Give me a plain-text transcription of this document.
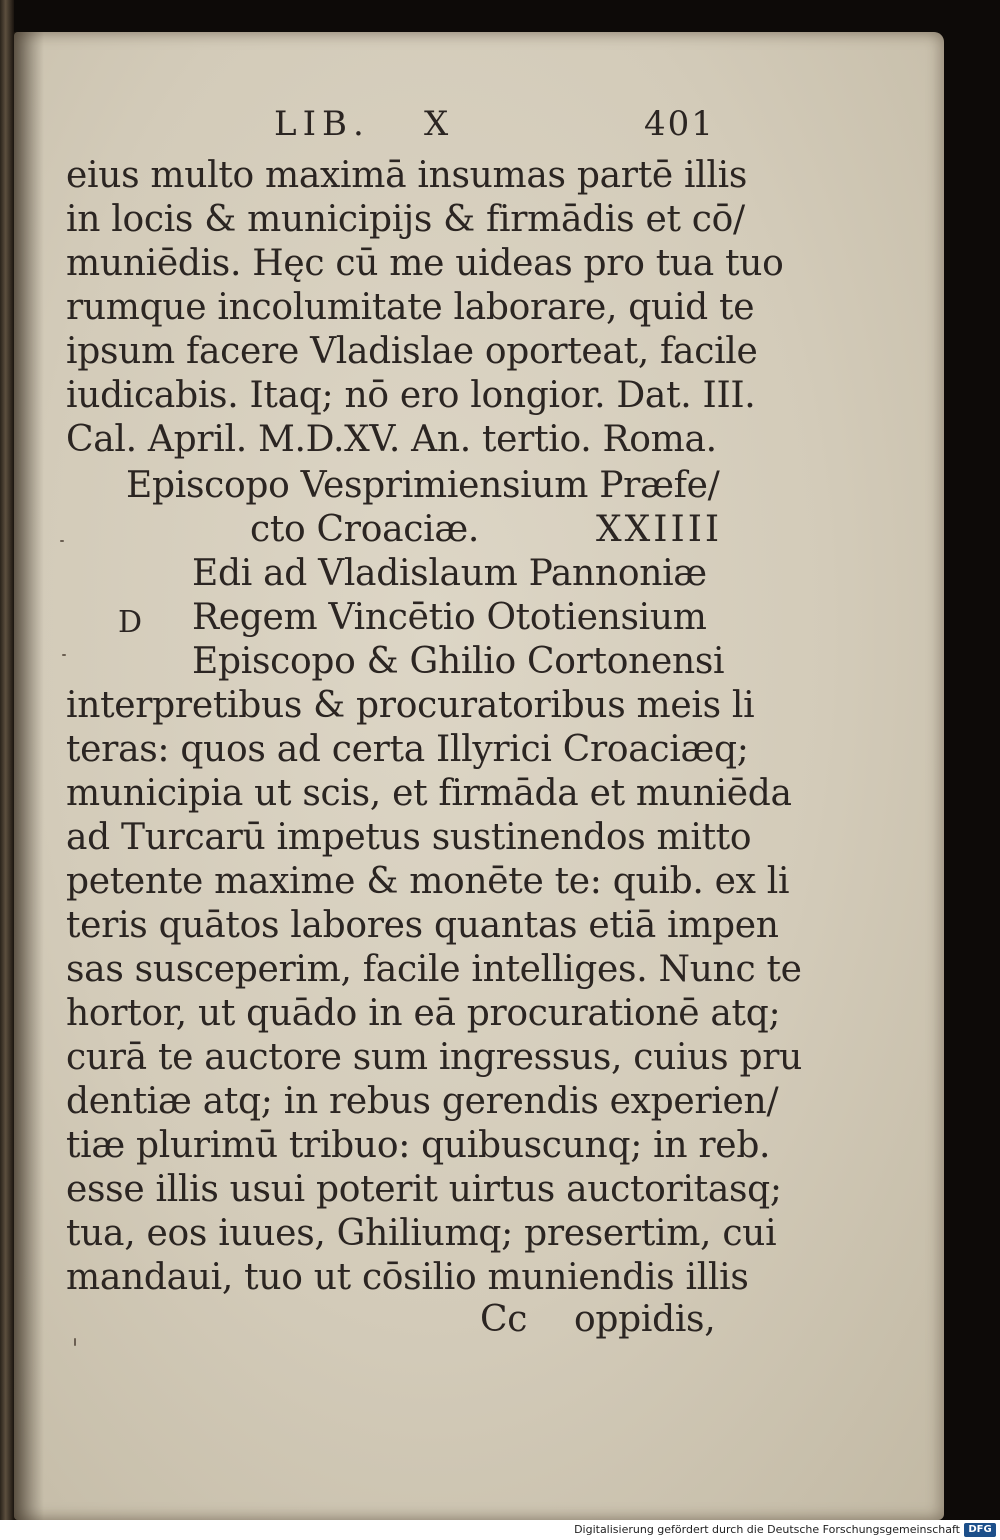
LIB. X	401
eius multo maximā insumas partē illis
in locis & municipijs & firmādis et cō/
muniēdis. Hęc cū me uideas pro tua tuo
rumque incolumitate laborare, quid te
ipsum facere Vladislae oporteat, facile
iudicabis. Itaq; nō ero longior. Dat. III.
Cal. April. M.D.XV. An. tertio. Roma.
Episcopo Vesprimiensium Præfe/
cto Croaciæ.	XXIIII
D
Edi ad Vladislaum Pannoniæ
Regem Vincētio Ototiensium
Episcopo & Ghilio Cortonensi
interpretibus & procuratoribus meis li
teras: quos ad certa Illyrici Croaciæq;
municipia ut scis, et firmāda et muniēda
ad Turcarū impetus sustinendos mitto
petente maxime & monēte te: quib. ex li
teris quātos labores quantas etiā impen
sas susceperim, facile intelliges. Nunc te
hortor, ut quādo in eā procurationē atq;
curā te auctore sum ingressus, cuius pru
dentiæ atq; in rebus gerendis experien/
tiæ plurimū tribuo: quibuscunq; in reb.
esse illis usui poterit uirtus auctoritasq;
tua, eos iuues, Ghiliumq; presertim, cui
mandaui, tuo ut cōsilio muniendis illis
Cc oppidis,
Digitalisierung gefördert durch die Deutsche Forschungsgemeinschaft DFG
